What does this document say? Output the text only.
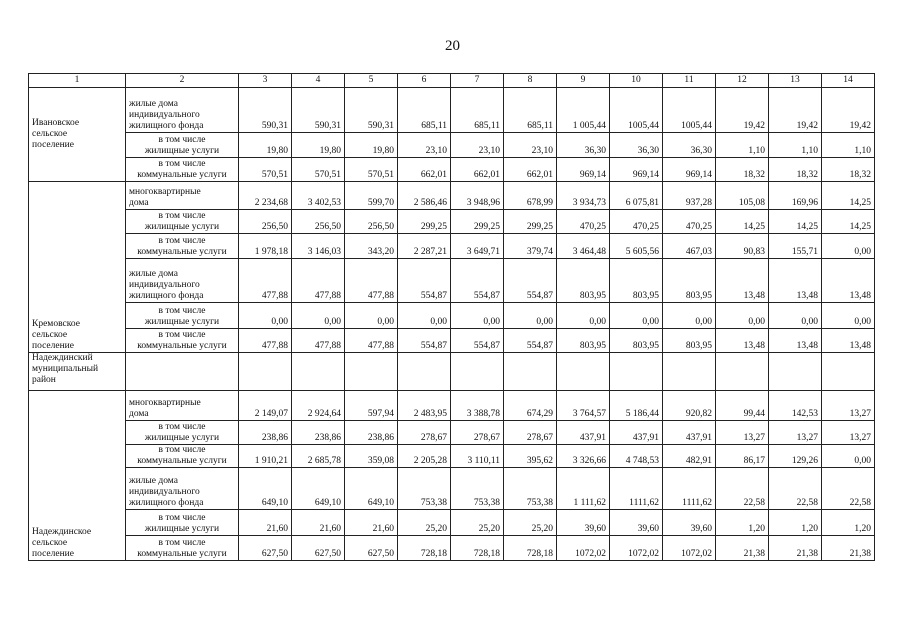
20
1	2	3	4	5	6	7	8	9	10	11	12	13	14

Ивановское
сельское
поселение	жилые дома
индивидуального
жилищного фонда	590,31	590,31	590,31	685,11	685,11	685,11	1 005,44	1005,44	1005,44	19,42	19,42	19,42

	в том числе
жилищные услуги	19,80	19,80	19,80	23,10	23,10	23,10	36,30	36,30	36,30	1,10	1,10	1,10

	в том числе
коммунальные услуги	570,51	570,51	570,51	662,01	662,01	662,01	969,14	969,14	969,14	18,32	18,32	18,32

Кремовское
сельское
поселение	многоквартирные
дома	2 234,68	3 402,53	599,70	2 586,46	3 948,96	678,99	3 934,73	6 075,81	937,28	105,08	169,96	14,25

	в том числе
жилищные услуги	256,50	256,50	256,50	299,25	299,25	299,25	470,25	470,25	470,25	14,25	14,25	14,25

	в том числе
коммунальные услуги	1 978,18	3 146,03	343,20	2 287,21	3 649,71	379,74	3 464,48	5 605,56	467,03	90,83	155,71	0,00

	жилые дома
индивидуального
жилищного фонда	477,88	477,88	477,88	554,87	554,87	554,87	803,95	803,95	803,95	13,48	13,48	13,48

	в том числе
жилищные услуги	0,00	0,00	0,00	0,00	0,00	0,00	0,00	0,00	0,00	0,00	0,00	0,00

	в том числе
коммунальные услуги	477,88	477,88	477,88	554,87	554,87	554,87	803,95	803,95	803,95	13,48	13,48	13,48

Надеждинский
муниципальный
район													

Надеждинское
сельское
поселение	многоквартирные
дома	2 149,07	2 924,64	597,94	2 483,95	3 388,78	674,29	3 764,57	5 186,44	920,82	99,44	142,53	13,27

	в том числе
жилищные услуги	238,86	238,86	238,86	278,67	278,67	278,67	437,91	437,91	437,91	13,27	13,27	13,27

	в том числе
коммунальные услуги	1 910,21	2 685,78	359,08	2 205,28	3 110,11	395,62	3 326,66	4 748,53	482,91	86,17	129,26	0,00

	жилые дома
индивидуального
жилищного фонда	649,10	649,10	649,10	753,38	753,38	753,38	1 111,62	1111,62	1111,62	22,58	22,58	22,58

	в том числе
жилищные услуги	21,60	21,60	21,60	25,20	25,20	25,20	39,60	39,60	39,60	1,20	1,20	1,20

	в том числе
коммунальные услуги	627,50	627,50	627,50	728,18	728,18	728,18	1072,02	1072,02	1072,02	21,38	21,38	21,38
